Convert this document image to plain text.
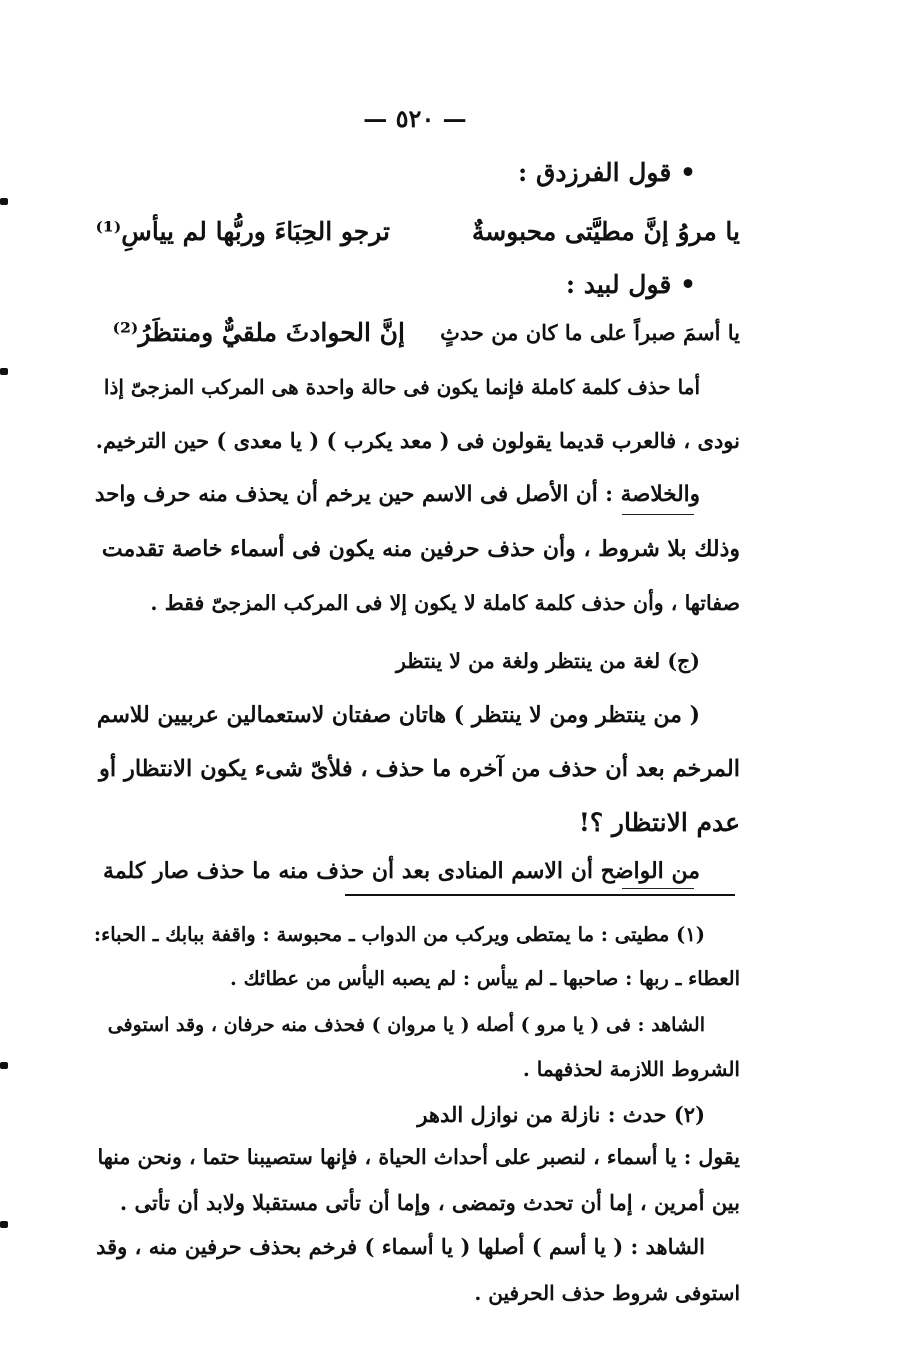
— ٥٢٠ —
• قول الفرزدق :
يا مروُ إنَّ مطيَّتى محبوسةٌ
ترجو الحِبَاءَ وربُّها لم ييأسِ⁽¹⁾
• قول لبيد :
يا أسمَ صبراً على ما كان من حدثٍ
إنَّ الحوادثَ ملقيٌّ ومنتظَرُ⁽²⁾
أما حذف كلمة كاملة فإنما يكون فى حالة واحدة هى المركب المزجىّ إذا
نودى ، فالعرب قديما يقولون فى ( معد يكرب ) ( يا معدى ) حين الترخيم.
والخلاصة : أن الأصل فى الاسم حين يرخم أن يحذف منه حرف واحد
وذلك بلا شروط ، وأن حذف حرفين منه يكون فى أسماء خاصة تقدمت
صفاتها ، وأن حذف كلمة كاملة لا يكون إلا فى المركب المزجىّ فقط .
(ج) لغة من ينتظر ولغة من لا ينتظر
( من ينتظر ومن لا ينتظر ) هاتان صفتان لاستعمالين عربيين للاسم
المرخم بعد أن حذف من آخره ما حذف ، فلأىّ شىء يكون الانتظار أو
عدم الانتظار ؟!
من الواضح أن الاسم المنادى بعد أن حذف منه ما حذف صار كلمة
(١) مطيتى : ما يمتطى ويركب من الدواب ـ محبوسة : واقفة ببابك ـ الحباء:
العطاء ـ ربها : صاحبها ـ لم ييأس : لم يصبه اليأس من عطائك .
الشاهد : فى ( يا مرو ) أصله ( يا مروان ) فحذف منه حرفان ، وقد استوفى
الشروط اللازمة لحذفهما .
(٢) حدث : نازلة من نوازل الدهر
يقول : يا أسماء ، لنصبر على أحداث الحياة ، فإنها ستصيبنا حتما ، ونحن منها
بين أمرين ، إما أن تحدث وتمضى ، وإما أن تأتى مستقبلا ولابد أن تأتى .
الشاهد : ( يا أسم ) أصلها ( يا أسماء ) فرخم بحذف حرفين منه ، وقد
استوفى شروط حذف الحرفين .
